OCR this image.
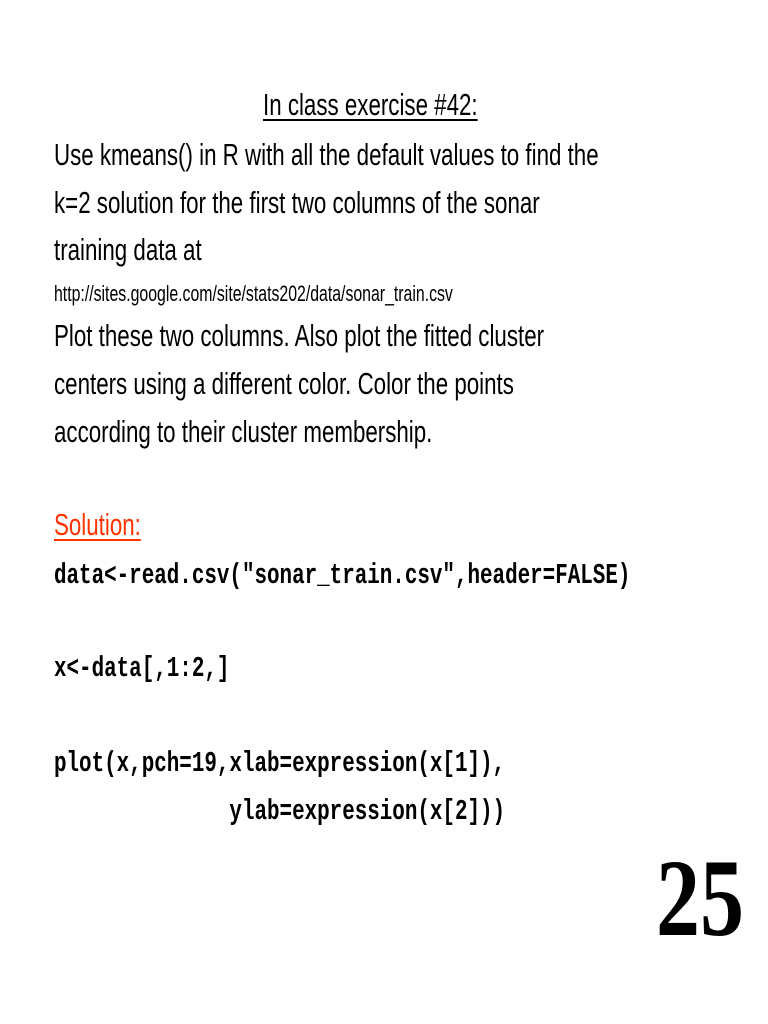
In class exercise #42:
Use kmeans() in R with all the default values to find the
k=2 solution for the first two columns of the sonar
training data at
http://sites.google.com/site/stats202/data/sonar_train.csv
Plot these two columns. Also plot the fitted cluster
centers using a different color. Color the points
according to their cluster membership.
Solution:
data<-read.csv("sonar_train.csv",header=FALSE)
x<-data[,1:2,]
plot(x,pch=19,xlab=expression(x[1]),
ylab=expression(x[2]))
25
